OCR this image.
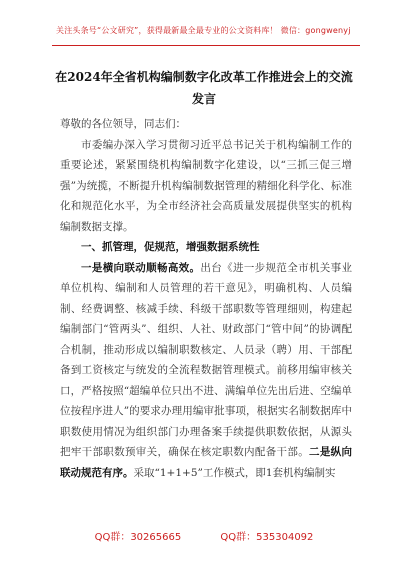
关注头条号“公文研究”，获得最新最全最专业的公文资料库！ 微信：gongwenyj
在2024年全省机构编制数字化改革工作推进会上的交流发言

尊敬的各位领导，同志们：

市委编办深入学习贯彻习近平总书记关于机构编制工作的重要论述，紧紧围绕机构编制数字化建设，以“三抓三促三增强”为统揽，不断提升机构编制数据管理的精细化科学化、标准化和规范化水平，为全市经济社会高质量发展提供坚实的机构编制数据支撑。

一、抓管理，促规范，增强数据系统性

一是横向联动顺畅高效。出台《进一步规范全市机关事业单位机构、编制和人员管理的若干意见》，明确机构、人员编制、经费调整、核减手续、科级干部职数等管理细则，构建起编制部门“管两头”、组织、人社、财政部门“管中间”的协调配合机制，推动形成以编制职数核定、人员录（聘）用、干部配备到工资核定与统发的全流程数据管理模式。前移用编审核关口，严格按照“超编单位只出不进、满编单位先出后进、空编单位按程序进人”的要求办理用编审批事项，根据实名制数据库中职数使用情况为组织部门办理备案手续提供职数依据，从源头把牢干部职数预审关，确保在核定职数内配备干部。二是纵向联动规范有序。采取“1+1+5”工作模式，即1套机构编制实

QQ群：30265665	QQ群：535304092
